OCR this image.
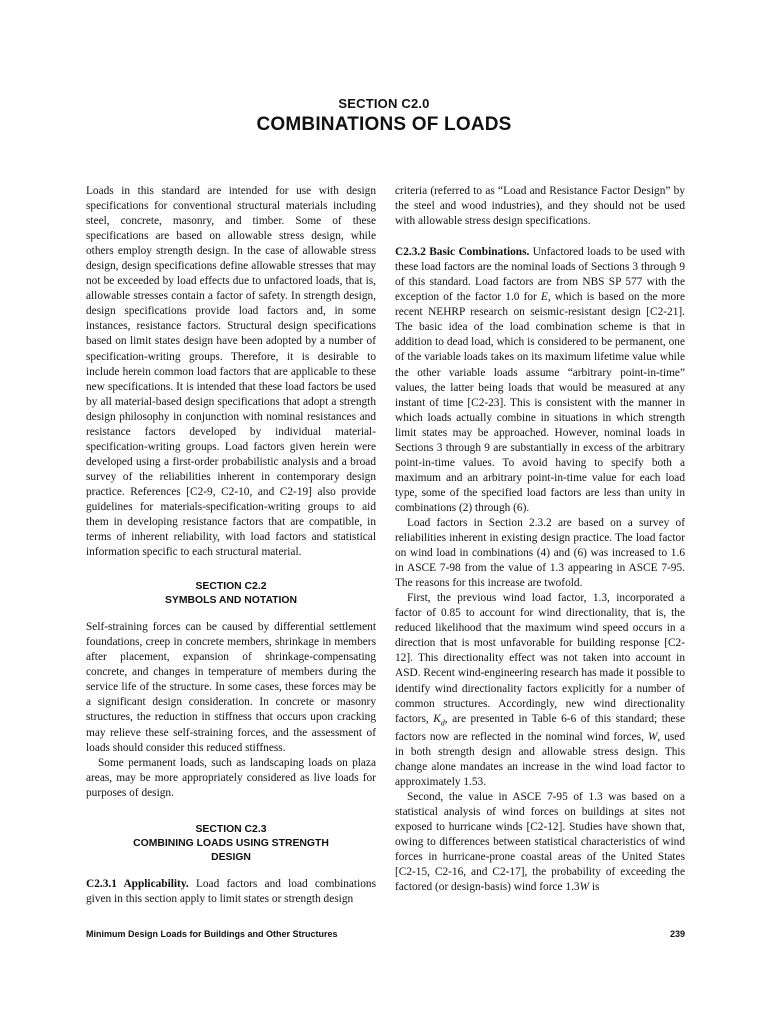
SECTION C2.0
COMBINATIONS OF LOADS

Loads in this standard are intended for use with design specifications for conventional structural materials including steel, concrete, masonry, and timber. Some of these specifications are based on allowable stress design, while others employ strength design. In the case of allowable stress design, design specifications define allowable stresses that may not be exceeded by load effects due to unfactored loads, that is, allowable stresses contain a factor of safety. In strength design, design specifications provide load factors and, in some instances, resistance factors. Structural design specifications based on limit states design have been adopted by a number of specification-writing groups. Therefore, it is desirable to include herein common load factors that are applicable to these new specifications. It is intended that these load factors be used by all material-based design specifications that adopt a strength design philosophy in conjunction with nominal resistances and resistance factors developed by individual material-specification-writing groups. Load factors given herein were developed using a first-order probabilistic analysis and a broad survey of the reliabilities inherent in contemporary design practice. References [C2-9, C2-10, and C2-19] also provide guidelines for materials-specification-writing groups to aid them in developing resistance factors that are compatible, in terms of inherent reliability, with load factors and statistical information specific to each structural material.

SECTION C2.2
SYMBOLS AND NOTATION

Self-straining forces can be caused by differential settlement foundations, creep in concrete members, shrinkage in members after placement, expansion of shrinkage-compensating concrete, and changes in temperature of members during the service life of the structure. In some cases, these forces may be a significant design consideration. In concrete or masonry structures, the reduction in stiffness that occurs upon cracking may relieve these self-straining forces, and the assessment of loads should consider this reduced stiffness.

Some permanent loads, such as landscaping loads on plaza areas, may be more appropriately considered as live loads for purposes of design.

SECTION C2.3
COMBINING LOADS USING STRENGTH
DESIGN

C2.3.1 Applicability. Load factors and load combinations given in this section apply to limit states or strength design

criteria (referred to as “Load and Resistance Factor Design” by the steel and wood industries), and they should not be used with allowable stress design specifications.

C2.3.2 Basic Combinations. Unfactored loads to be used with these load factors are the nominal loads of Sections 3 through 9 of this standard. Load factors are from NBS SP 577 with the exception of the factor 1.0 for E, which is based on the more recent NEHRP research on seismic-resistant design [C2-21]. The basic idea of the load combination scheme is that in addition to dead load, which is considered to be permanent, one of the variable loads takes on its maximum lifetime value while the other variable loads assume “arbitrary point-in-time” values, the latter being loads that would be measured at any instant of time [C2-23]. This is consistent with the manner in which loads actually combine in situations in which strength limit states may be approached. However, nominal loads in Sections 3 through 9 are substantially in excess of the arbitrary point-in-time values. To avoid having to specify both a maximum and an arbitrary point-in-time value for each load type, some of the specified load factors are less than unity in combinations (2) through (6).

Load factors in Section 2.3.2 are based on a survey of reliabilities inherent in existing design practice. The load factor on wind load in combinations (4) and (6) was increased to 1.6 in ASCE 7-98 from the value of 1.3 appearing in ASCE 7-95. The reasons for this increase are twofold.

First, the previous wind load factor, 1.3, incorporated a factor of 0.85 to account for wind directionality, that is, the reduced likelihood that the maximum wind speed occurs in a direction that is most unfavorable for building response [C2-12]. This directionality effect was not taken into account in ASD. Recent wind-engineering research has made it possible to identify wind directionality factors explicitly for a number of common structures. Accordingly, new wind directionality factors, $K_d$, are presented in Table 6-6 of this standard; these factors now are reflected in the nominal wind forces, W, used in both strength design and allowable stress design. This change alone mandates an increase in the wind load factor to approximately 1.53.

Second, the value in ASCE 7-95 of 1.3 was based on a statistical analysis of wind forces on buildings at sites not exposed to hurricane winds [C2-12]. Studies have shown that, owing to differences between statistical characteristics of wind forces in hurricane-prone coastal areas of the United States [C2-15, C2-16, and C2-17], the probability of exceeding the factored (or design-basis) wind force 1.3W is

Minimum Design Loads for Buildings and Other Structures	239
